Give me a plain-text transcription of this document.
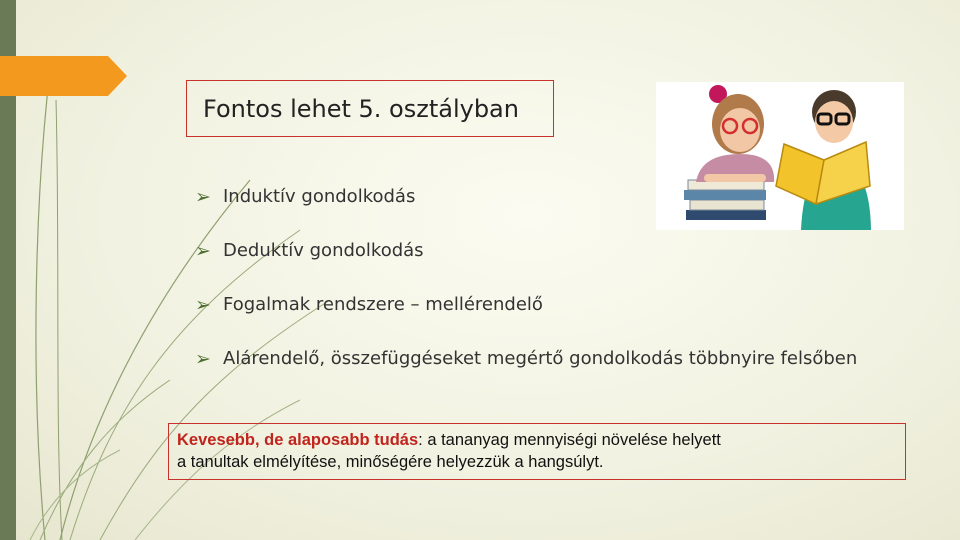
Fontos lehet 5. osztályban
➢ Induktív gondolkodás
➢ Deduktív gondolkodás
➢ Fogalmak rendszere – mellérendelő
➢ Alárendelő, összefüggéseket megértő gondolkodás többnyire felsőben
Kevesebb, de alaposabb tudás: a tananyag mennyiségi növelése helyett
a tanultak elmélyítése, minőségére helyezzük a hangsúlyt.
